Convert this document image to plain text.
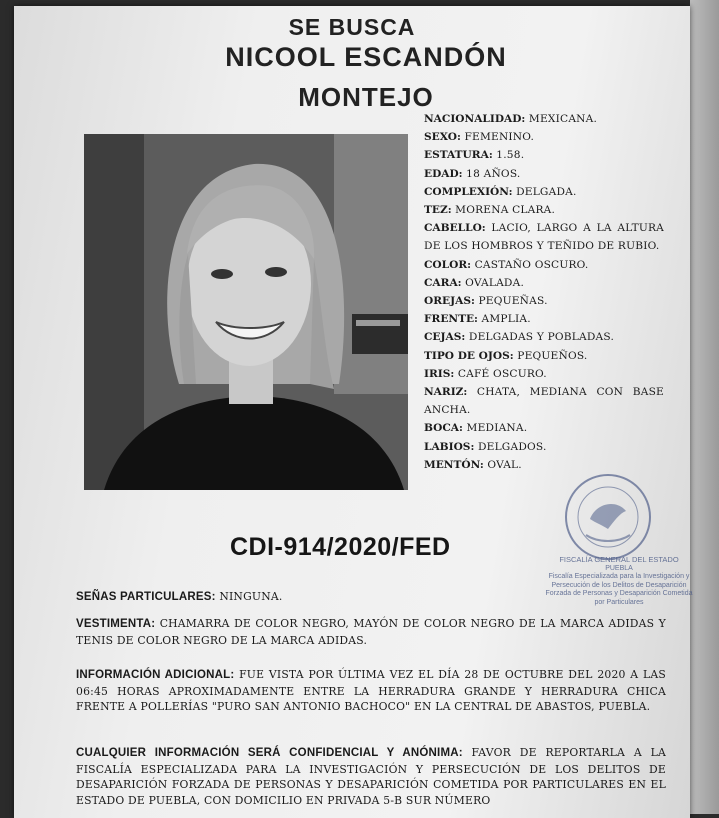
SE BUSCA
NICOOL ESCANDÓN
MONTEJO
NACIONALIDAD: MEXICANA.
SEXO: FEMENINO.
ESTATURA: 1.58.
EDAD: 18 AÑOS.
COMPLEXIÓN: DELGADA.
TEZ: MORENA CLARA.
CABELLO: LACIO, LARGO A LA ALTURA DE LOS HOMBROS Y TEÑIDO DE RUBIO.
COLOR: CASTAÑO OSCURO.
CARA: OVALADA.
OREJAS: PEQUEÑAS.
FRENTE: AMPLIA.
CEJAS: DELGADAS Y POBLADAS.
TIPO DE OJOS: PEQUEÑOS.
IRIS: CAFÉ OSCURO.
NARIZ: CHATA, MEDIANA CON BASE ANCHA.
BOCA: MEDIANA.
LABIOS: DELGADOS.
MENTÓN: OVAL.
FISCALÍA GENERAL DEL ESTADO
PUEBLA
Fiscalía Especializada para la Investigación y Persecución de los Delitos de Desaparición Forzada de Personas y Desaparición Cometida por Particulares
CDI-914/2020/FED
SEÑAS PARTICULARES: NINGUNA.
VESTIMENTA: CHAMARRA DE COLOR NEGRO, MAYÓN DE COLOR NEGRO DE LA MARCA ADIDAS Y TENIS DE COLOR NEGRO DE LA MARCA ADIDAS.
INFORMACIÓN ADICIONAL: FUE VISTA POR ÚLTIMA VEZ EL DÍA 28 DE OCTUBRE DEL 2020 A LAS 06:45 HORAS APROXIMADAMENTE ENTRE LA HERRADURA GRANDE Y HERRADURA CHICA FRENTE A POLLERÍAS "PURO SAN ANTONIO BACHOCO" EN LA CENTRAL DE ABASTOS, PUEBLA.
CUALQUIER INFORMACIÓN SERÁ CONFIDENCIAL Y ANÓNIMA: FAVOR DE REPORTARLA A LA FISCALÍA ESPECIALIZADA PARA LA INVESTIGACIÓN Y PERSECUCIÓN DE LOS DELITOS DE DESAPARICIÓN FORZADA DE PERSONAS Y DESAPARICIÓN COMETIDA POR PARTICULARES EN EL ESTADO DE PUEBLA, CON DOMICILIO EN PRIVADA 5-B SUR NÚMERO
